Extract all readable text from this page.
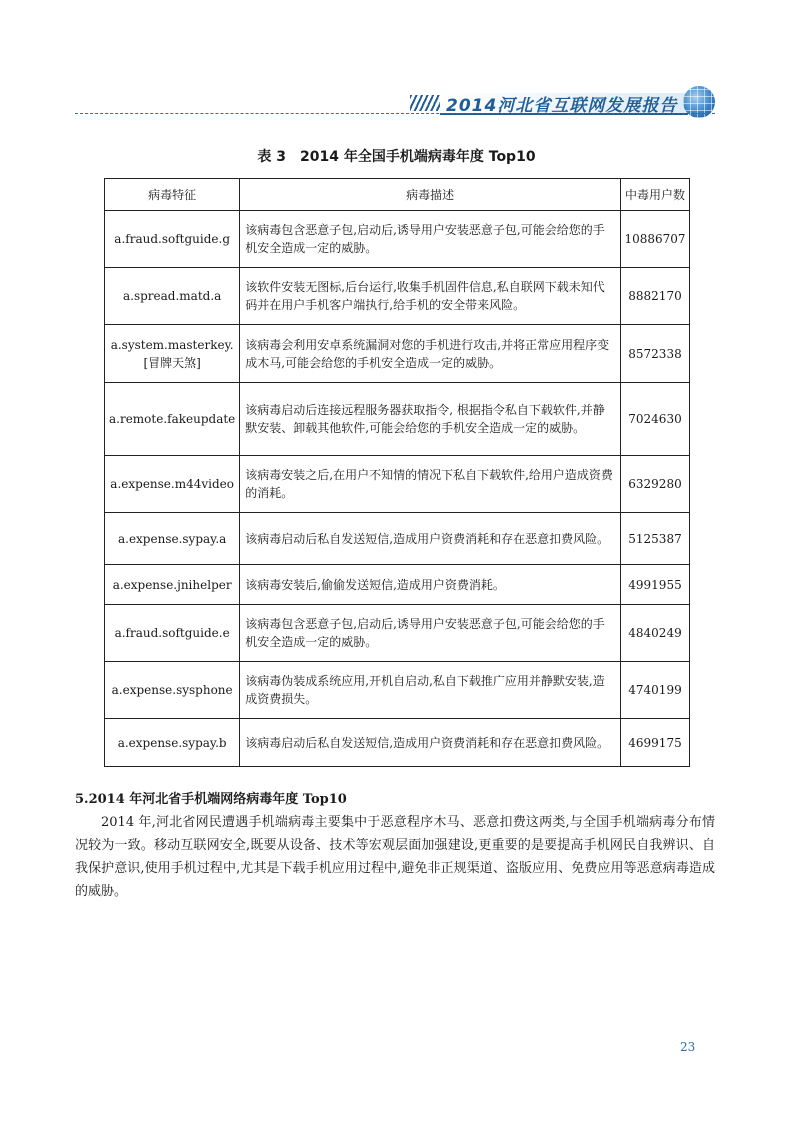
2014河北省互联网发展报告
表 3　2014 年全国手机端病毒年度 Top10
病毒特征	病毒描述	中毒用户数
a.fraud.softguide.g	该病毒包含恶意子包,启动后,诱导用户安装恶意子包,可能会给您的手机安全造成一定的威胁。	10886707
a.spread.matd.a	该软件安装无图标,后台运行,收集手机固件信息,私自联网下载未知代码并在用户手机客户端执行,给手机的安全带来风险。	8882170
a.system.masterkey.[冒牌天煞]	该病毒会利用安卓系统漏洞对您的手机进行攻击,并将正常应用程序变成木马,可能会给您的手机安全造成一定的威胁。	8572338
a.remote.fakeupdate	该病毒启动后连接远程服务器获取指令, 根据指令私自下载软件,并静默安装、卸载其他软件,可能会给您的手机安全造成一定的威胁。	7024630
a.expense.m44video	该病毒安装之后,在用户不知情的情况下私自下载软件,给用户造成资费的消耗。	6329280
a.expense.sypay.a	该病毒启动后私自发送短信,造成用户资费消耗和存在恶意扣费风险。	5125387
a.expense.jnihelper	该病毒安装后,偷偷发送短信,造成用户资费消耗。	4991955
a.fraud.softguide.e	该病毒包含恶意子包,启动后,诱导用户安装恶意子包,可能会给您的手机安全造成一定的威胁。	4840249
a.expense.sysphone	该病毒伪装成系统应用,开机自启动,私自下载推广应用并静默安装,造成资费损失。	4740199
a.expense.sypay.b	该病毒启动后私自发送短信,造成用户资费消耗和存在恶意扣费风险。	4699175
5.2014 年河北省手机端网络病毒年度 Top10
2014 年,河北省网民遭遇手机端病毒主要集中于恶意程序木马、恶意扣费这两类,与全国手机端病毒分布情况较为一致。移动互联网安全,既要从设备、技术等宏观层面加强建设,更重要的是要提高手机网民自我辨识、自我保护意识,使用手机过程中,尤其是下载手机应用过程中,避免非正规渠道、盗版应用、免费应用等恶意病毒造成的威胁。
23
